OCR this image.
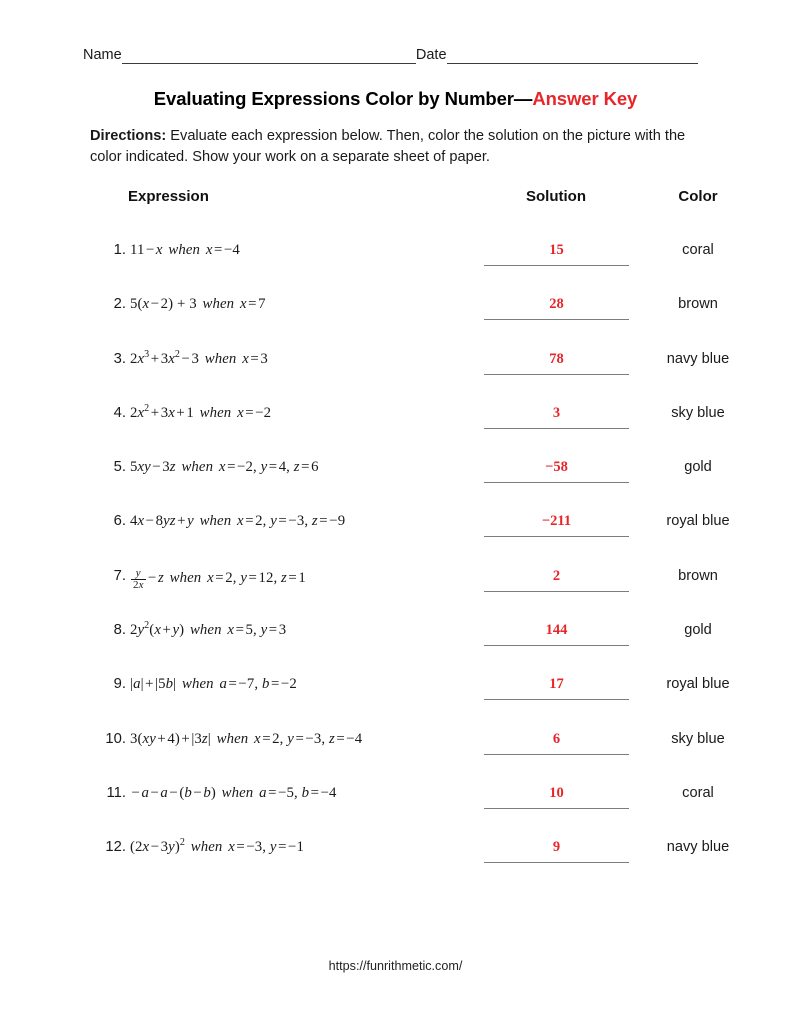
Name	Date
Evaluating Expressions Color by Number—Answer Key
Directions: Evaluate each expression below. Then, color the solution on the picture with the color indicated. Show your work on a separate sheet of paper.
Expression	Solution	Color
1. 11 − x when x = −4	15	coral
2. 5(x − 2) + 3 when x = 7	28	brown
3. $2x^3 + 3x^2 - 3$ when x = 3	78	navy blue
4. $2x^2 + 3x + 1$ when x = −2	3	sky blue
5. 5xy − 3z when x = −2, y = 4, z = 6	−58	gold
6. 4x − 8yz + y when x = 2, y = −3, z = −9	−211	royal blue
7. $\frac{y}{2x} - z$ when x = 2, y = 12, z = 1	2	brown
8. $2y^2(x + y)$ when x = 5, y = 3	144	gold
9. |a| + |5b| when a = −7, b = −2	17	royal blue
10. 3(xy + 4) + |3z| when x = 2, y = −3, z = −4	6	sky blue
11. − a − a − (b − b) when a = −5, b = −4	10	coral
12. $(2x - 3y)^2$ when x = −3, y = −1	9	navy blue
https://funrithmetic.com/
